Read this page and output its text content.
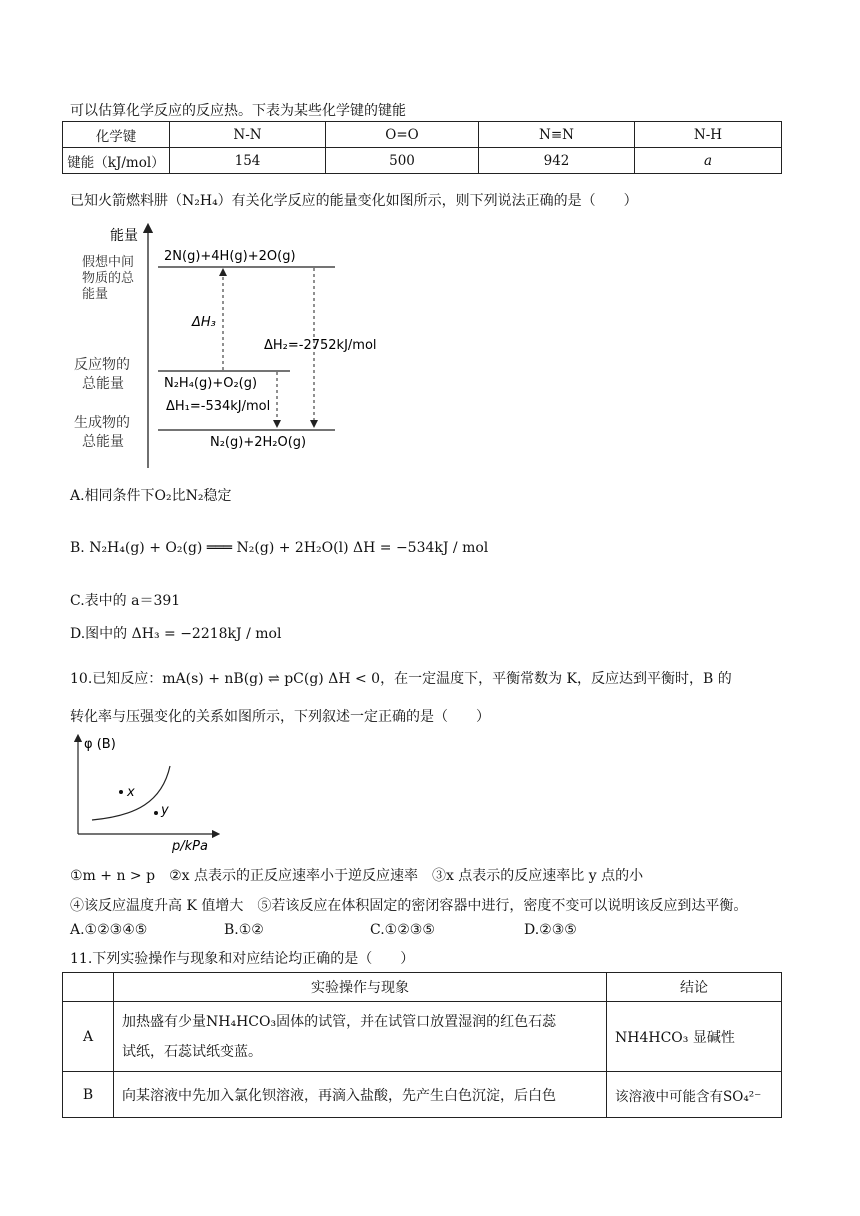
可以估算化学反应的反应热。下表为某些化学键的键能
化学键	N-N	O=O	N≡N	N-H
键能（kJ/mol）	154	500	942	a
已知火箭燃料肼（N₂H₄）有关化学反应的能量变化如图所示，则下列说法正确的是（　　）
能量
假想中间
物质的总
能量
反应物的
总能量
生成物的
总能量
2N(g)+4H(g)+2O(g)
N₂H₄(g)+O₂(g)
N₂(g)+2H₂O(g)
ΔH₃
ΔH₂=-2752kJ/mol
ΔH₁=-534kJ/mol
A.相同条件下O₂比N₂稳定
B. N₂H₄(g) + O₂(g) ═══ N₂(g) + 2H₂O(l) ΔH = −534kJ / mol
C.表中的 a＝391
D.图中的 ΔH₃ = −2218kJ / mol
10.已知反应：mA(s) + nB(g) ⇌ pC(g) ΔH < 0，在一定温度下，平衡常数为 K，反应达到平衡时，B 的
转化率与压强变化的关系如图所示，下列叙述一定正确的是（　　）
φ (B)
p/kPa
x
y
①m + n > p　②x 点表示的正反应速率小于逆反应速率　③x 点表示的反应速率比 y 点的小
④该反应温度升高 K 值增大　⑤若该反应在体积固定的密闭容器中进行，密度不变可以说明该反应到达平衡。
A.①②③④⑤	B.①②	C.①②③⑤	D.②③⑤
11.下列实验操作与现象和对应结论均正确的是（　　）
	实验操作与现象	结论
A	加热盛有少量NH₄HCO₃固体的试管，并在试管口放置湿润的红色石蕊
试纸，石蕊试纸变蓝。	NH4HCO₃ 显碱性
B	向某溶液中先加入氯化钡溶液，再滴入盐酸，先产生白色沉淀，后白色	该溶液中可能含有SO₄²⁻
